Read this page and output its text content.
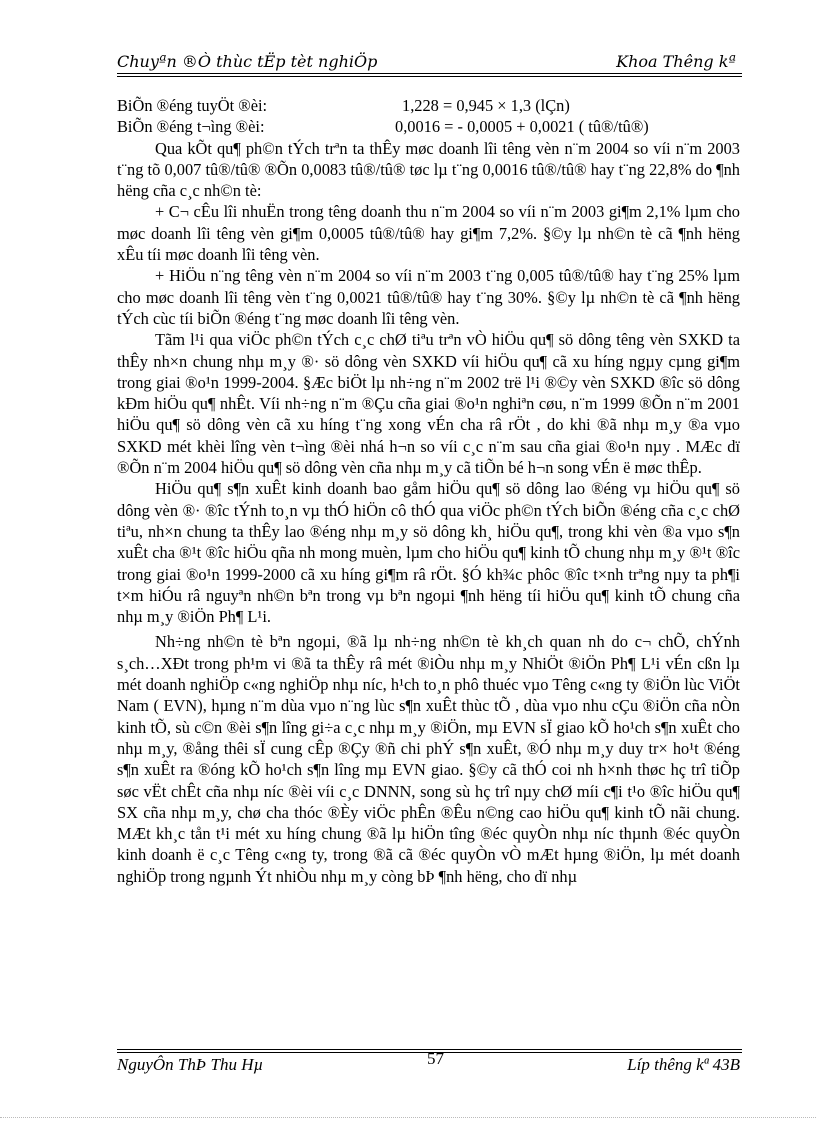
Chuyªn ®Ò thùc tËp tèt nghiÖp	Khoa Thêng kª
BiÕn ®éng tuyÖt ®èi:	1,228 = 0,945 × 1,3 (lÇn)
BiÕn ®éng t¬ìng ®èi:	0,0016 = - 0,0005 + 0,0021 ( tû®/tû®)

Qua kÕt qu¶ ph©n tÝch trªn ta thÊy møc doanh lîi têng vèn n¨m 2004 so víi n¨m 2003 t¨ng tõ 0,007 tû®/tû® ®Õn 0,0083 tû®/tû® tøc lµ t¨ng 0,0016 tû®/tû® hay t¨ng 22,8% do ¶nh hëng cña c¸c nh©n tè:

+ C¬ cÊu lîi nhuËn trong têng doanh thu n¨m 2004 so víi n¨m 2003 gi¶m 2,1% lµm cho møc doanh lîi têng vèn gi¶m 0,0005 tû®/tû® hay gi¶m 7,2%. §©y lµ nh©n tè cã ¶nh hëng xÊu tíi møc doanh lîi têng vèn.

+ HiÖu n¨ng têng vèn n¨m 2004 so víi n¨m 2003 t¨ng 0,005 tû®/tû® hay t¨ng 25% lµm cho møc doanh lîi têng vèn t¨ng 0,0021 tû®/tû® hay t¨ng 30%. §©y lµ nh©n tè cã ¶nh hëng tÝch cùc tíi biÕn ®éng t¨ng møc doanh lîi têng vèn.

Tãm l¹i qua viÖc ph©n tÝch c¸c chØ tiªu trªn vÒ hiÖu qu¶ sö dông têng vèn SXKD ta thÊy nh×n chung nhµ m¸y ®· sö dông vèn SXKD víi hiÖu qu¶ cã xu híng ngµy cµng gi¶m trong giai ®o¹n 1999-2004. §Æc biÖt lµ nh÷ng n¨m 2002 trë l¹i ®©y vèn SXKD ®îc sö dông kÐm hiÖu qu¶ nhÊt. Víi nh÷ng n¨m ®Çu cña giai ®o¹n nghiªn cøu, n¨m 1999 ®Õn n¨m 2001 hiÖu qu¶ sö dông vèn cã xu híng t¨ng xong vÉn cha râ rÖt , do khi ®ã nhµ m¸y ®a vµo SXKD mét khèi lîng vèn t¬ìng ®èi nhá h¬n so víi c¸c n¨m sau cña giai ®o¹n nµy . MÆc dï ®Õn n¨m 2004 hiÖu qu¶ sö dông vèn cña nhµ m¸y cã tiÕn bé h¬n song vÉn ë møc thÊp.

HiÖu qu¶ s¶n xuÊt kinh doanh bao gåm hiÖu qu¶ sö dông lao ®éng vµ hiÖu qu¶ sö dông vèn ®· ®îc tÝnh to¸n vµ thÓ hiÖn cô thÓ qua viÖc ph©n tÝch biÕn ®éng cña c¸c chØ tiªu, nh×n chung ta thÊy lao ®éng nhµ m¸y sö dông kh¸ hiÖu qu¶, trong khi vèn ®a vµo s¶n xuÊt cha ®¹t ®îc hiÖu qña nh mong muèn, lµm cho hiÖu qu¶ kinh tÕ chung nhµ m¸y ®¹t ®îc trong giai ®o¹n 1999-2000 cã xu híng gi¶m râ rÖt. §Ó kh¾c phôc ®îc t×nh trªng nµy ta ph¶i t×m hiÓu râ nguyªn nh©n bªn trong vµ bªn ngoµi ¶nh hëng tíi hiÖu qu¶ kinh tÕ chung cña nhµ m¸y ®iÖn Ph¶ L¹i.

Nh÷ng nh©n tè bªn ngoµi, ®ã lµ nh÷ng nh©n tè kh¸ch quan nh do c¬ chÕ, chÝnh s¸ch…XÐt trong ph¹m vi ®ã ta thÊy râ mét ®iÒu nhµ m¸y NhiÖt ®iÖn Ph¶ L¹i vÉn cßn lµ mét doanh nghiÖp c«ng nghiÖp nhµ níc, h¹ch to¸n phô thuéc vµo Têng c«ng ty ®iÖn lùc ViÖt Nam ( EVN), hµng n¨m dùa vµo n¨ng lùc s¶n xuÊt thùc tÕ , dùa vµo nhu cÇu ®iÖn cña nÒn kinh tÕ, sù c©n ®èi s¶n lîng gi÷a c¸c nhµ m¸y ®iÖn, mµ EVN sÏ giao kÕ ho¹ch s¶n xuÊt cho nhµ m¸y, ®ång thêi sÏ cung cÊp ®Çy ®ñ chi phÝ s¶n xuÊt, ®Ó nhµ m¸y duy tr× ho¹t ®éng s¶n xuÊt ra ®óng kÕ ho¹ch s¶n lîng mµ EVN giao. §©y cã thÓ coi nh h×nh thøc hç trî tiÕp søc vËt chÊt cña nhµ níc ®èi víi c¸c DNNN, song sù hç trî nµy chØ míi c¶i t¹o ®îc hiÖu qu¶ SX cña nhµ m¸y, chø cha thóc ®Èy viÖc phÊn ®Êu n©ng cao hiÖu qu¶ kinh tÕ nãi chung. MÆt kh¸c tån t¹i mét xu híng chung ®ã lµ hiÖn tîng ®éc quyÒn nhµ níc thµnh ®éc quyÒn kinh doanh ë c¸c Têng c«ng ty, trong ®ã cã ®éc quyÒn vÒ mÆt hµng ®iÖn, lµ mét doanh nghiÖp trong ngµnh Ýt nhiÒu nhµ m¸y còng bÞ ¶nh hëng, cho dï nhµ

NguyÔn ThÞ Thu Hµ	57	Líp thêng kª 43B
